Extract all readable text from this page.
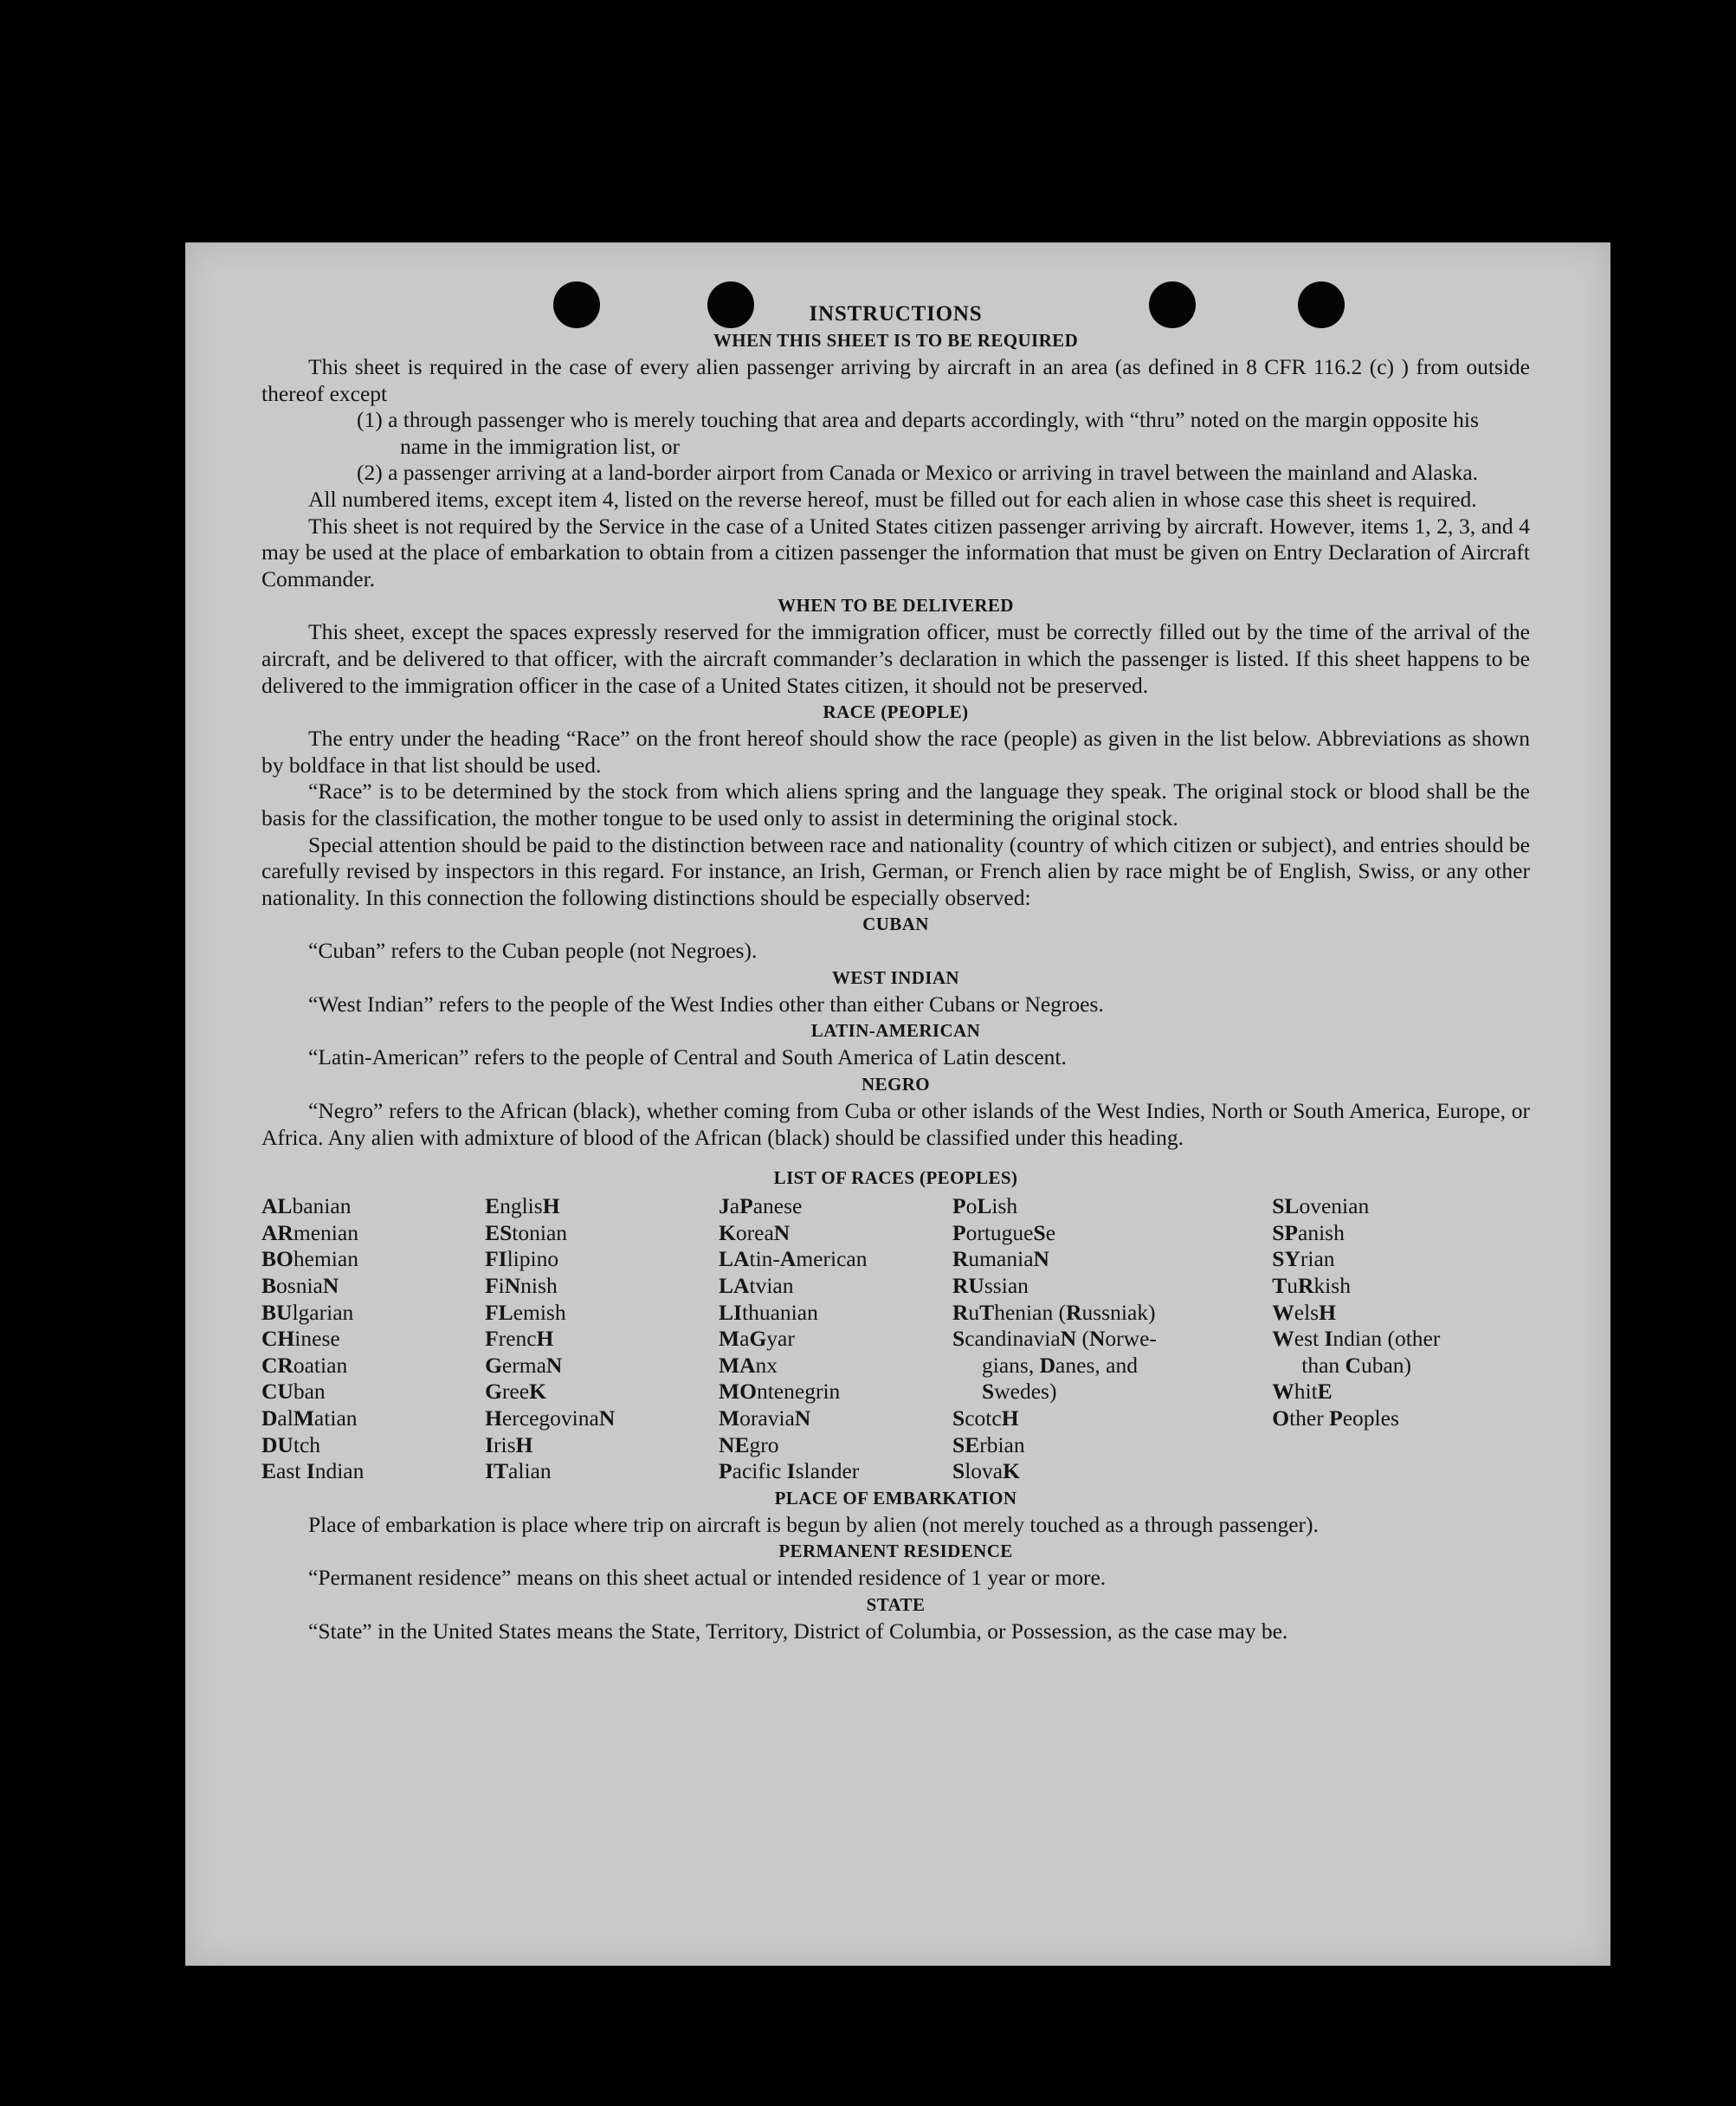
INSTRUCTIONS
WHEN THIS SHEET IS TO BE REQUIRED

This sheet is required in the case of every alien passenger arriving by aircraft in an area (as defined in 8 CFR 116.2 (c) ) from outside thereof except

(1) a through passenger who is merely touching that area and departs accordingly, with “thru” noted on the margin opposite his name in the immigration list, or

(2) a passenger arriving at a land-border airport from Canada or Mexico or arriving in travel between the mainland and Alaska.

All numbered items, except item 4, listed on the reverse hereof, must be filled out for each alien in whose case this sheet is required.

This sheet is not required by the Service in the case of a United States citizen passenger arriving by aircraft. However, items 1, 2, 3, and 4 may be used at the place of embarkation to obtain from a citizen passenger the information that must be given on Entry Declaration of Aircraft Commander.

WHEN TO BE DELIVERED

This sheet, except the spaces expressly reserved for the immigration officer, must be correctly filled out by the time of the arrival of the aircraft, and be delivered to that officer, with the aircraft commander’s declaration in which the passenger is listed. If this sheet happens to be delivered to the immigration officer in the case of a United States citizen, it should not be preserved.

RACE (PEOPLE)

The entry under the heading “Race” on the front hereof should show the race (people) as given in the list below. Abbreviations as shown by boldface in that list should be used.

“Race” is to be determined by the stock from which aliens spring and the language they speak. The original stock or blood shall be the basis for the classification, the mother tongue to be used only to assist in determining the original stock.

Special attention should be paid to the distinction between race and nationality (country of which citizen or subject), and entries should be carefully revised by inspectors in this regard. For instance, an Irish, German, or French alien by race might be of English, Swiss, or any other nationality. In this connection the following distinctions should be especially observed:

CUBAN

“Cuban” refers to the Cuban people (not Negroes).

WEST INDIAN

“West Indian” refers to the people of the West Indies other than either Cubans or Negroes.

LATIN-AMERICAN

“Latin-American” refers to the people of Central and South America of Latin descent.

NEGRO

“Negro” refers to the African (black), whether coming from Cuba or other islands of the West Indies, North or South America, Europe, or Africa. Any alien with admixture of blood of the African (black) should be classified under this heading.

LIST OF RACES (PEOPLES)
ALbanian
ARmenian
BOhemian
BosniaN
BUlgarian
CHinese
CRoatian
CUban
DalMatian
DUtch
East Indian
EnglisH
EStonian
FIlipino
FiNnish
FLemish
FrencH
GermaN
GreeK
HercegovinaN
IrisH
ITalian
JaPanese
KoreaN
LAtin-American
LAtvian
LIthuanian
MaGyar
MAnx
MOntenegrin
MoraviaN
NEgro
Pacific Islander
PoLish
PortugueSe
RumaniaN
RUssian
RuThenian (Russniak)
ScandinaviaN (Norwe-
gians, Danes, and
Swedes)
ScotcH
SErbian
SlovaK
SLovenian
SPanish
SYrian
TuRkish
WelsH
West Indian (other
than Cuban)
WhitE
Other Peoples
PLACE OF EMBARKATION

Place of embarkation is place where trip on aircraft is begun by alien (not merely touched as a through passenger).

PERMANENT RESIDENCE

“Permanent residence” means on this sheet actual or intended residence of 1 year or more.

STATE

“State” in the United States means the State, Territory, District of Columbia, or Possession, as the case may be.
